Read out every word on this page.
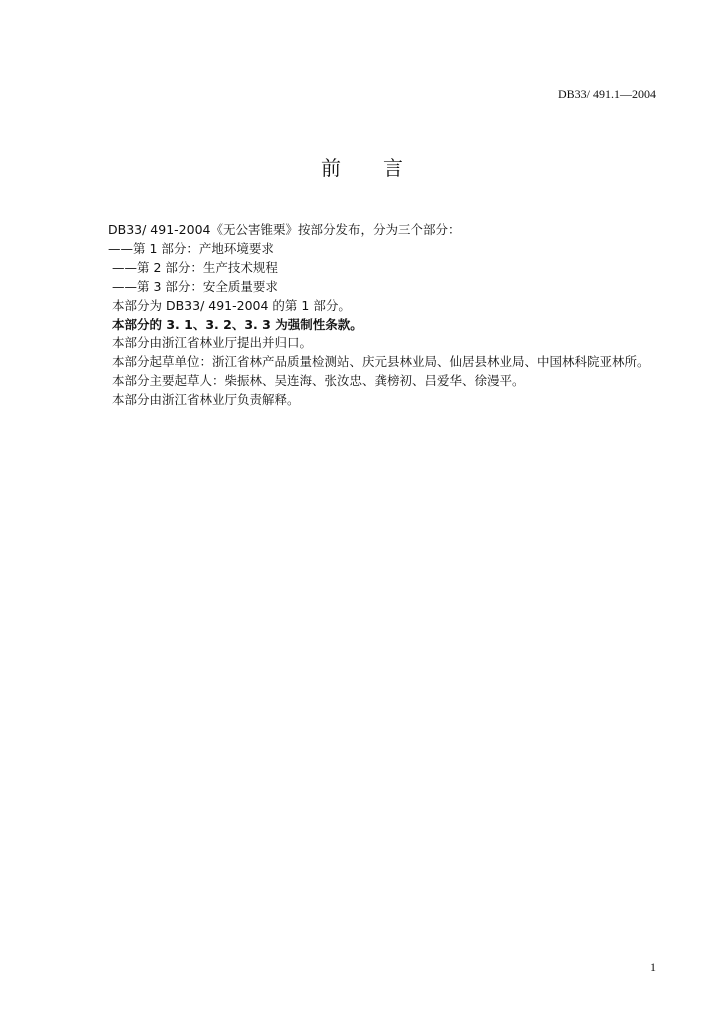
DB33/ 491.1—2004
前 言
DB33/ 491-2004《无公害锥栗》按部分发布，分为三个部分：
——第 1 部分：产地环境要求
——第 2 部分：生产技术规程
——第 3 部分：安全质量要求
本部分为 DB33/ 491-2004 的第 1 部分。
本部分的 3. 1、3. 2、3. 3 为强制性条款。
本部分由浙江省林业厅提出并归口。
本部分起草单位：浙江省林产品质量检测站、庆元县林业局、仙居县林业局、中国林科院亚林所。
本部分主要起草人：柴振林、吴连海、张汝忠、龚榜初、吕爱华、徐漫平。
本部分由浙江省林业厅负责解释。
1
